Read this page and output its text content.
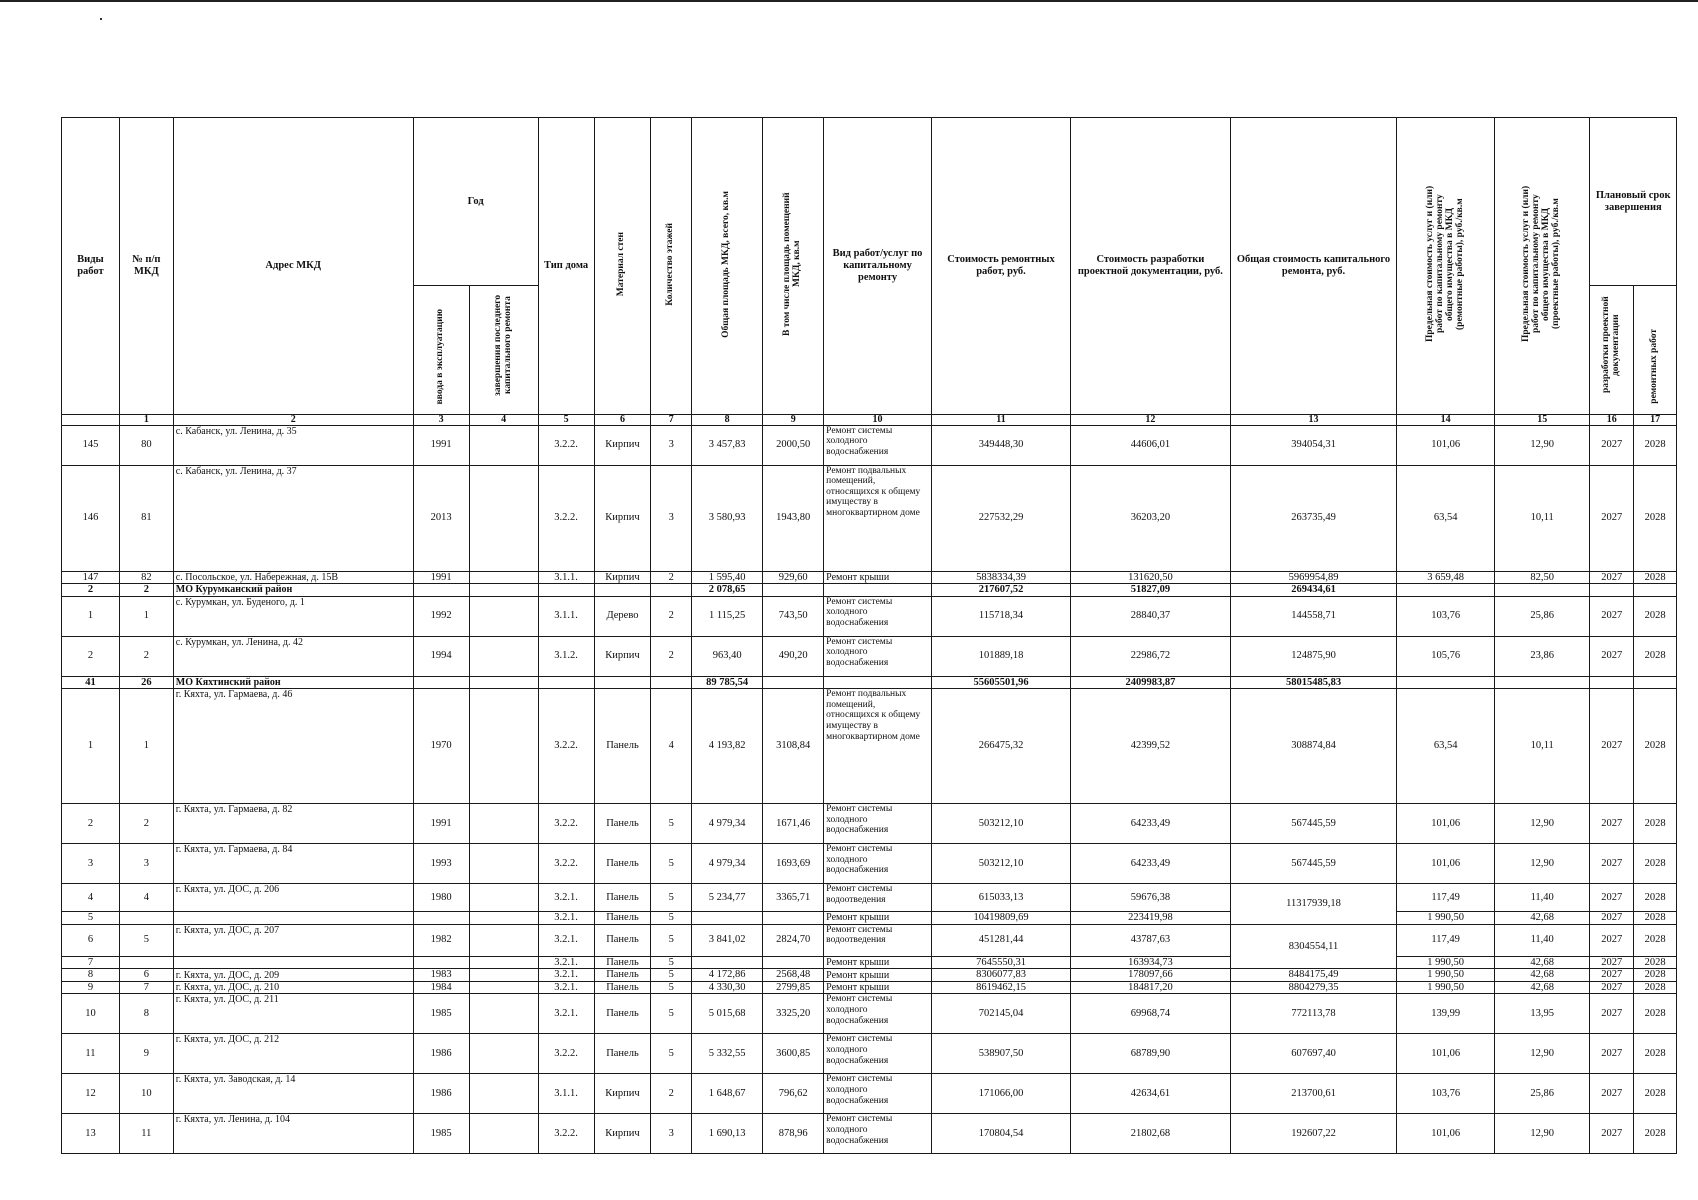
Виды работ	№ п/п МКД	Адрес МКД	Год		Тип дома	Материал стен	Количество этажей	Общая площадь МКД, всего, кв.м	В том числе площадь помещений МКД, кв.м	Вид работ/услуг по капитальному ремонту	Стоимость ремонтных работ, руб.	Стоимость разработки проектной документации, руб.	Общая стоимость капитального ремонта, руб.	Предельная стоимость услуг и (или) работ по капитальному ремонту общего имущества в МКД (ремонтные работы), руб./кв.м	Предельная стоимость услуг и (или) работ по капитальному ремонту общего имущества в МКД (проектные работы), руб./кв.м	Плановый срок завершения	
			ввода в эксплуатацию	завершения последнего капитального ремонта												разработки проектной документации	ремонтных работ
	1	2	3	4	5	6	7	8	9	10	11	12	13	14	15	16	17
145	80	с. Кабанск, ул. Ленина, д. 35	1991		3.2.2.	Кирпич	3	3 457,83	2000,50	Ремонт системы холодного водоснабжения	349448,30	44606,01	394054,31	101,06	12,90	2027	2028
146	81	с. Кабанск, ул. Ленина, д. 37	2013		3.2.2.	Кирпич	3	3 580,93	1943,80	Ремонт подвальных помещений, относящихся к общему имуществу в многоквартирном доме	227532,29	36203,20	263735,49	63,54	10,11	2027	2028
147	82	с. Посольское, ул. Набережная, д. 15В	1991		3.1.1.	Кирпич	2	1 595,40	929,60	Ремонт крыши	5838334,39	131620,50	5969954,89	3 659,48	82,50	2027	2028
2	2	МО Курумканский район						2 078,65			217607,52	51827,09	269434,61				
1	1	с. Курумкан, ул. Буденого, д. 1	1992		3.1.1.	Дерево	2	1 115,25	743,50	Ремонт системы холодного водоснабжения	115718,34	28840,37	144558,71	103,76	25,86	2027	2028
2	2	с. Курумкан, ул. Ленина, д. 42	1994		3.1.2.	Кирпич	2	963,40	490,20	Ремонт системы холодного водоснабжения	101889,18	22986,72	124875,90	105,76	23,86	2027	2028
41	26	МО Кяхтинский район						89 785,54			55605501,96	2409983,87	58015485,83				
1	1	г. Кяхта, ул. Гармаева, д. 46	1970		3.2.2.	Панель	4	4 193,82	3108,84	Ремонт подвальных помещений, относящихся к общему имуществу в многоквартирном доме	266475,32	42399,52	308874,84	63,54	10,11	2027	2028
2	2	г. Кяхта, ул. Гармаева, д. 82	1991		3.2.2.	Панель	5	4 979,34	1671,46	Ремонт системы холодного водоснабжения	503212,10	64233,49	567445,59	101,06	12,90	2027	2028
3	3	г. Кяхта, ул. Гармаева, д. 84	1993		3.2.2.	Панель	5	4 979,34	1693,69	Ремонт системы холодного водоснабжения	503212,10	64233,49	567445,59	101,06	12,90	2027	2028
4	4	г. Кяхта, ул. ДОС, д. 206	1980		3.2.1.	Панель	5	5 234,77	3365,71	Ремонт системы водоотведения	615033,13	59676,38	11317939,18	117,49	11,40	2027	2028
5					3.2.1.	Панель	5			Ремонт крыши	10419809,69	223419,98		1 990,50	42,68	2027	2028
6	5	г. Кяхта, ул. ДОС, д. 207	1982		3.2.1.	Панель	5	3 841,02	2824,70	Ремонт системы водоотведения	451281,44	43787,63	8304554,11	117,49	11,40	2027	2028
7					3.2.1.	Панель	5			Ремонт крыши	7645550,31	163934,73		1 990,50	42,68	2027	2028
8	6	г. Кяхта, ул. ДОС, д. 209	1983		3.2.1.	Панель	5	4 172,86	2568,48	Ремонт крыши	8306077,83	178097,66	8484175,49	1 990,50	42,68	2027	2028
9	7	г. Кяхта, ул. ДОС, д. 210	1984		3.2.1.	Панель	5	4 330,30	2799,85	Ремонт крыши	8619462,15	184817,20	8804279,35	1 990,50	42,68	2027	2028
10	8	г. Кяхта, ул. ДОС, д. 211	1985		3.2.1.	Панель	5	5 015,68	3325,20	Ремонт системы холодного водоснабжения	702145,04	69968,74	772113,78	139,99	13,95	2027	2028
11	9	г. Кяхта, ул. ДОС, д. 212	1986		3.2.2.	Панель	5	5 332,55	3600,85	Ремонт системы холодного водоснабжения	538907,50	68789,90	607697,40	101,06	12,90	2027	2028
12	10	г. Кяхта, ул. Заводская, д. 14	1986		3.1.1.	Кирпич	2	1 648,67	796,62	Ремонт системы холодного водоснабжения	171066,00	42634,61	213700,61	103,76	25,86	2027	2028
13	11	г. Кяхта, ул. Ленина, д. 104	1985		3.2.2.	Кирпич	3	1 690,13	878,96	Ремонт системы холодного водоснабжения	170804,54	21802,68	192607,22	101,06	12,90	2027	2028
